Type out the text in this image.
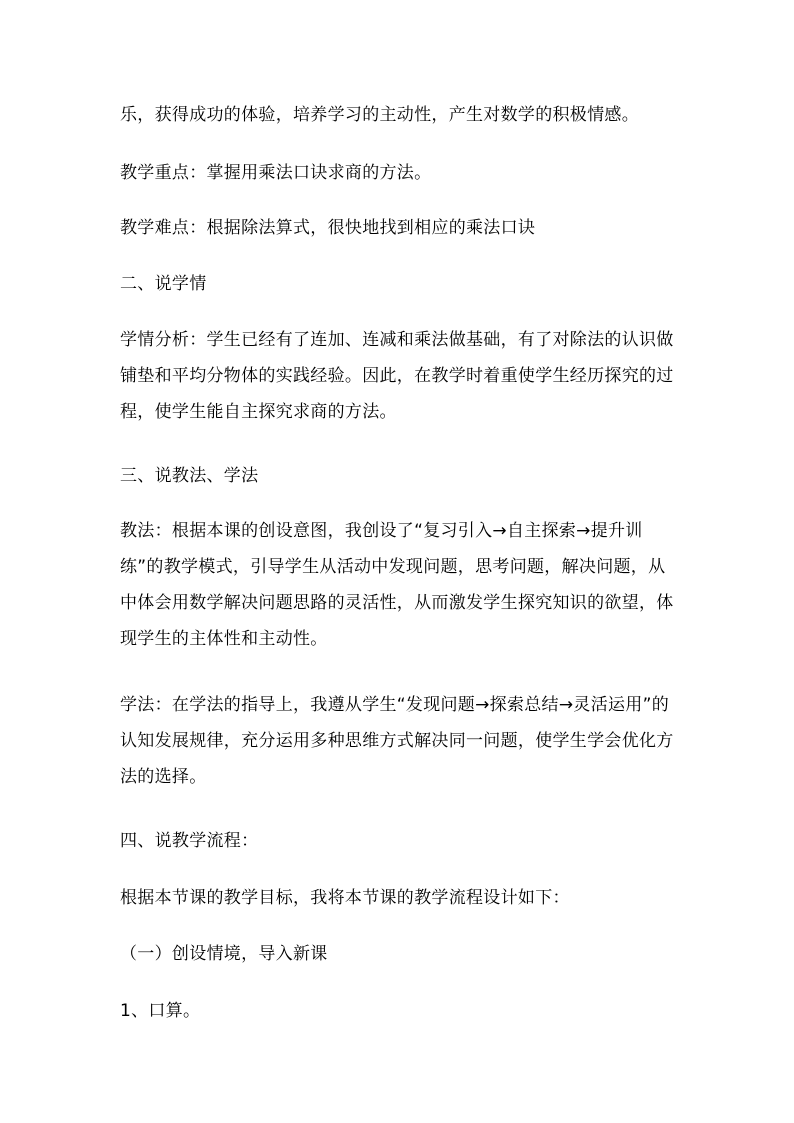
乐，获得成功的体验，培养学习的主动性，产生对数学的积极情感。

教学重点：掌握用乘法口诀求商的方法。

教学难点：根据除法算式，很快地找到相应的乘法口诀

二、说学情

学情分析：学生已经有了连加、连减和乘法做基础，有了对除法的认识做铺垫和平均分物体的实践经验。因此，在教学时着重使学生经历探究的过程，使学生能自主探究求商的方法。

三、说教法、学法

教法：根据本课的创设意图，我创设了“复习引入→自主探索→提升训练”的教学模式，引导学生从活动中发现问题，思考问题，解决问题，从中体会用数学解决问题思路的灵活性，从而激发学生探究知识的欲望，体现学生的主体性和主动性。

学法：在学法的指导上，我遵从学生“发现问题→探索总结→灵活运用”的认知发展规律，充分运用多种思维方式解决同一问题，使学生学会优化方法的选择。

四、说教学流程：

根据本节课的教学目标，我将本节课的教学流程设计如下：

（一）创设情境，导入新课

1、口算。
